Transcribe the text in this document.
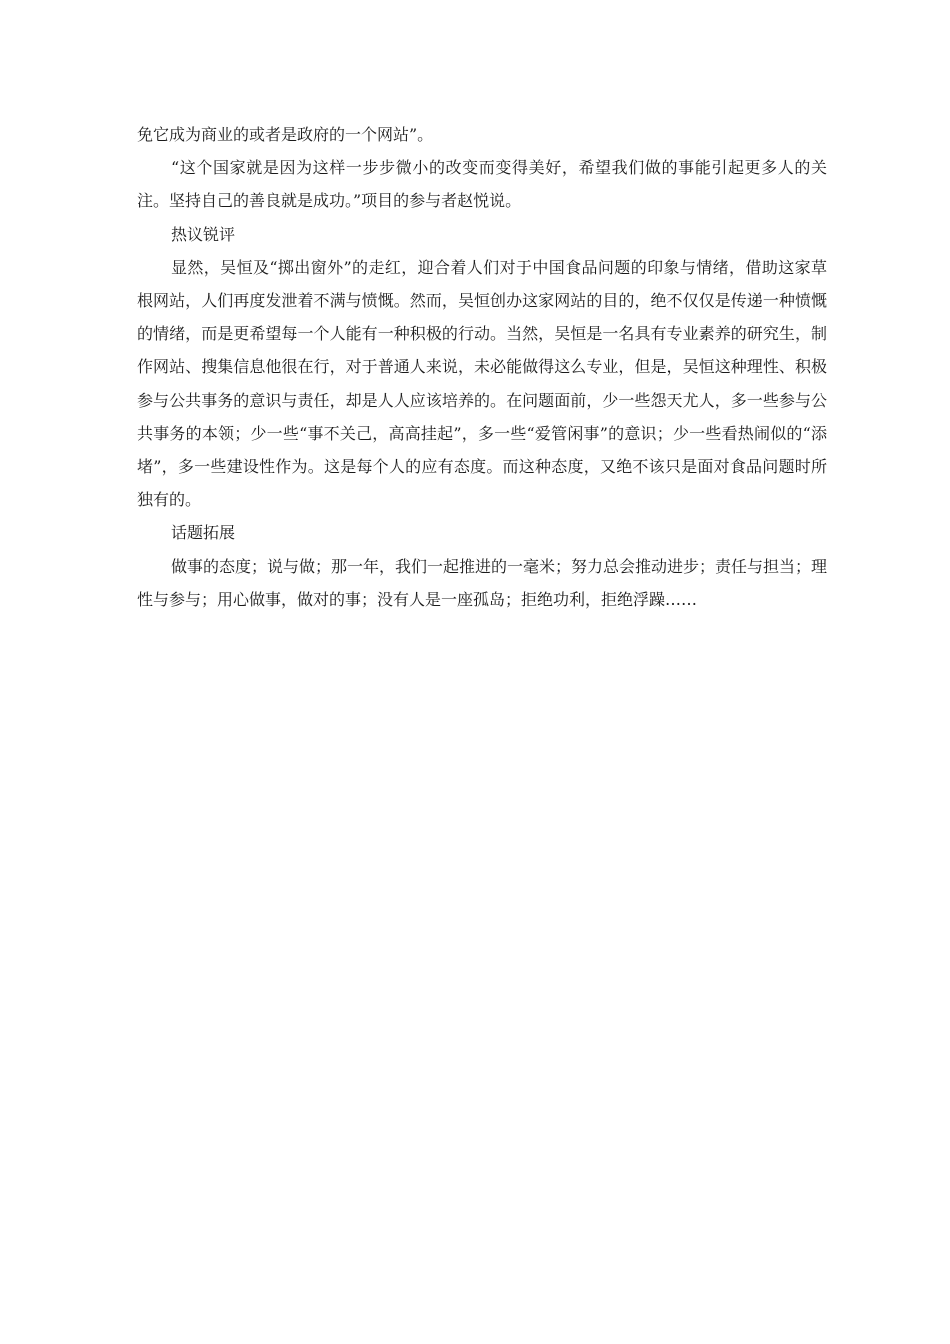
免它成为商业的或者是政府的一个网站”。

“这个国家就是因为这样一步步微小的改变而变得美好，希望我们做的事能引起更多人的关注。坚持自己的善良就是成功。”项目的参与者赵悦说。

热议锐评

显然，吴恒及“掷出窗外”的走红，迎合着人们对于中国食品问题的印象与情绪，借助这家草根网站，人们再度发泄着不满与愤慨。然而，吴恒创办这家网站的目的，绝不仅仅是传递一种愤慨的情绪，而是更希望每一个人能有一种积极的行动。当然，吴恒是一名具有专业素养的研究生，制作网站、搜集信息他很在行，对于普通人来说，未必能做得这么专业，但是，吴恒这种理性、积极参与公共事务的意识与责任，却是人人应该培养的。在问题面前，少一些怨天尤人，多一些参与公共事务的本领；少一些“事不关己，高高挂起”，多一些“爱管闲事”的意识；少一些看热闹似的“添堵”，多一些建设性作为。这是每个人的应有态度。而这种态度，又绝不该只是面对食品问题时所独有的。

话题拓展

做事的态度；说与做；那一年，我们一起推进的一毫米；努力总会推动进步；责任与担当；理性与参与；用心做事，做对的事；没有人是一座孤岛；拒绝功利，拒绝浮躁……
